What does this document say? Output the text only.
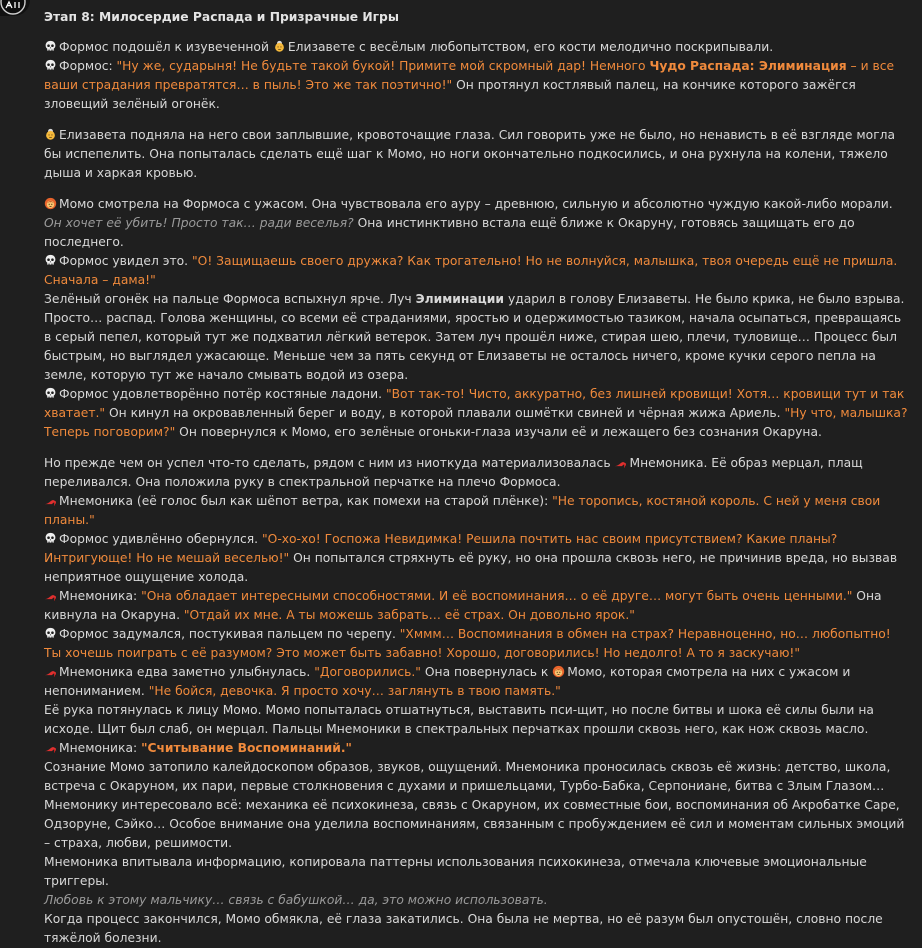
Этап 8: Милосердие Распада и Призрачные Игры

Формос подошёл к изувеченной Елизавете с весёлым любопытством, его кости мелодично поскрипывали.

Формос: "Ну же, сударыня! Не будьте такой букой! Примите мой скромный дар! Немного Чудо Распада: Элиминация – и все ваши страдания превратятся… в пыль! Это же так поэтично!" Он протянул костлявый палец, на кончике которого зажёгся зловещий зелёный огонёк.

Елизавета подняла на него свои заплывшие, кровоточащие глаза. Сил говорить уже не было, но ненависть в её взгляде могла бы испепелить. Она попыталась сделать ещё шаг к Момо, но ноги окончательно подкосились, и она рухнула на колени, тяжело дыша и харкая кровью.

Момо смотрела на Формоса с ужасом. Она чувствовала его ауру – древнюю, сильную и абсолютно чуждую какой-либо морали. Он хочет её убить! Просто так… ради веселья? Она инстинктивно встала ещё ближе к Окаруну, готовясь защищать его до последнего.

Формос увидел это. "О! Защищаешь своего дружка? Как трогательно! Но не волнуйся, малышка, твоя очередь ещё не пришла. Сначала – дама!"

Зелёный огонёк на пальце Формоса вспыхнул ярче. Луч Элиминации ударил в голову Елизаветы. Не было крика, не было взрыва. Просто… распад. Голова женщины, со всеми её страданиями, яростью и одержимостью тазиком, начала осыпаться, превращаясь в серый пепел, который тут же подхватил лёгкий ветерок. Затем луч прошёл ниже, стирая шею, плечи, туловище… Процесс был быстрым, но выглядел ужасающе. Меньше чем за пять секунд от Елизаветы не осталось ничего, кроме кучки серого пепла на земле, которую тут же начало смывать водой из озера.

Формос удовлетворённо потёр костяные ладони. "Вот так-то! Чисто, аккуратно, без лишней кровищи! Хотя… кровищи тут и так хватает." Он кинул на окровавленный берег и воду, в которой плавали ошмётки свиней и чёрная жижа Ариель. "Ну что, малышка? Теперь поговорим?" Он повернулся к Момо, его зелёные огоньки-глаза изучали её и лежащего без сознания Окаруна.

Но прежде чем он успел что-то сделать, рядом с ним из ниоткуда материализовалась Мнемоника. Её образ мерцал, плащ переливался. Она положила руку в спектральной перчатке на плечо Формоса.

Мнемоника (её голос был как шёпот ветра, как помехи на старой плёнке): "Не торопись, костяной король. С ней у меня свои планы."

Формос удивлённо обернулся. "О-хо-хо! Госпожа Невидимка! Решила почтить нас своим присутствием? Какие планы? Интригующе! Но не мешай веселью!" Он попытался стряхнуть её руку, но она прошла сквозь него, не причинив вреда, но вызвав неприятное ощущение холода.

Мнемоника: "Она обладает интересными способностями. И её воспоминания… о её друге… могут быть очень ценными." Она кивнула на Окаруна. "Отдай их мне. А ты можешь забрать… её страх. Он довольно ярок."

Формос задумался, постукивая пальцем по черепу. "Хммм… Воспоминания в обмен на страх? Неравноценно, но… любопытно! Ты хочешь поиграть с её разумом? Это может быть забавно! Хорошо, договорились! Но недолго! А то я заскучаю!"

Мнемоника едва заметно улыбнулась. "Договорились." Она повернулась к Момо, которая смотрела на них с ужасом и непониманием. "Не бойся, девочка. Я просто хочу… заглянуть в твою память."

Её рука потянулась к лицу Момо. Момо попыталась отшатнуться, выставить пси-щит, но после битвы и шока её силы были на исходе. Щит был слаб, он мерцал. Пальцы Мнемоники в спектральных перчатках прошли сквозь него, как нож сквозь масло.

Мнемоника: "Считывание Воспоминаний."

Сознание Момо затопило калейдоскопом образов, звуков, ощущений. Мнемоника проносилась сквозь её жизнь: детство, школа, встреча с Окаруном, их пари, первые столкновения с духами и пришельцами, Турбо-Бабка, Серпониане, битва с Злым Глазом… Мнемонику интересовало всё: механика её психокинеза, связь с Окаруном, их совместные бои, воспоминания об Акробатке Саре, Одзоруне, Сэйко… Особое внимание она уделила воспоминаниям, связанным с пробуждением её сил и моментам сильных эмоций – страха, любви, решимости.

Мнемоника впитывала информацию, копировала паттерны использования психокинеза, отмечала ключевые эмоциональные триггеры.

Любовь к этому мальчику… связь с бабушкой… да, это можно использовать.

Когда процесс закончился, Момо обмякла, её глаза закатились. Она была не мертва, но её разум был опустошён, словно после тяжёлой болезни.
